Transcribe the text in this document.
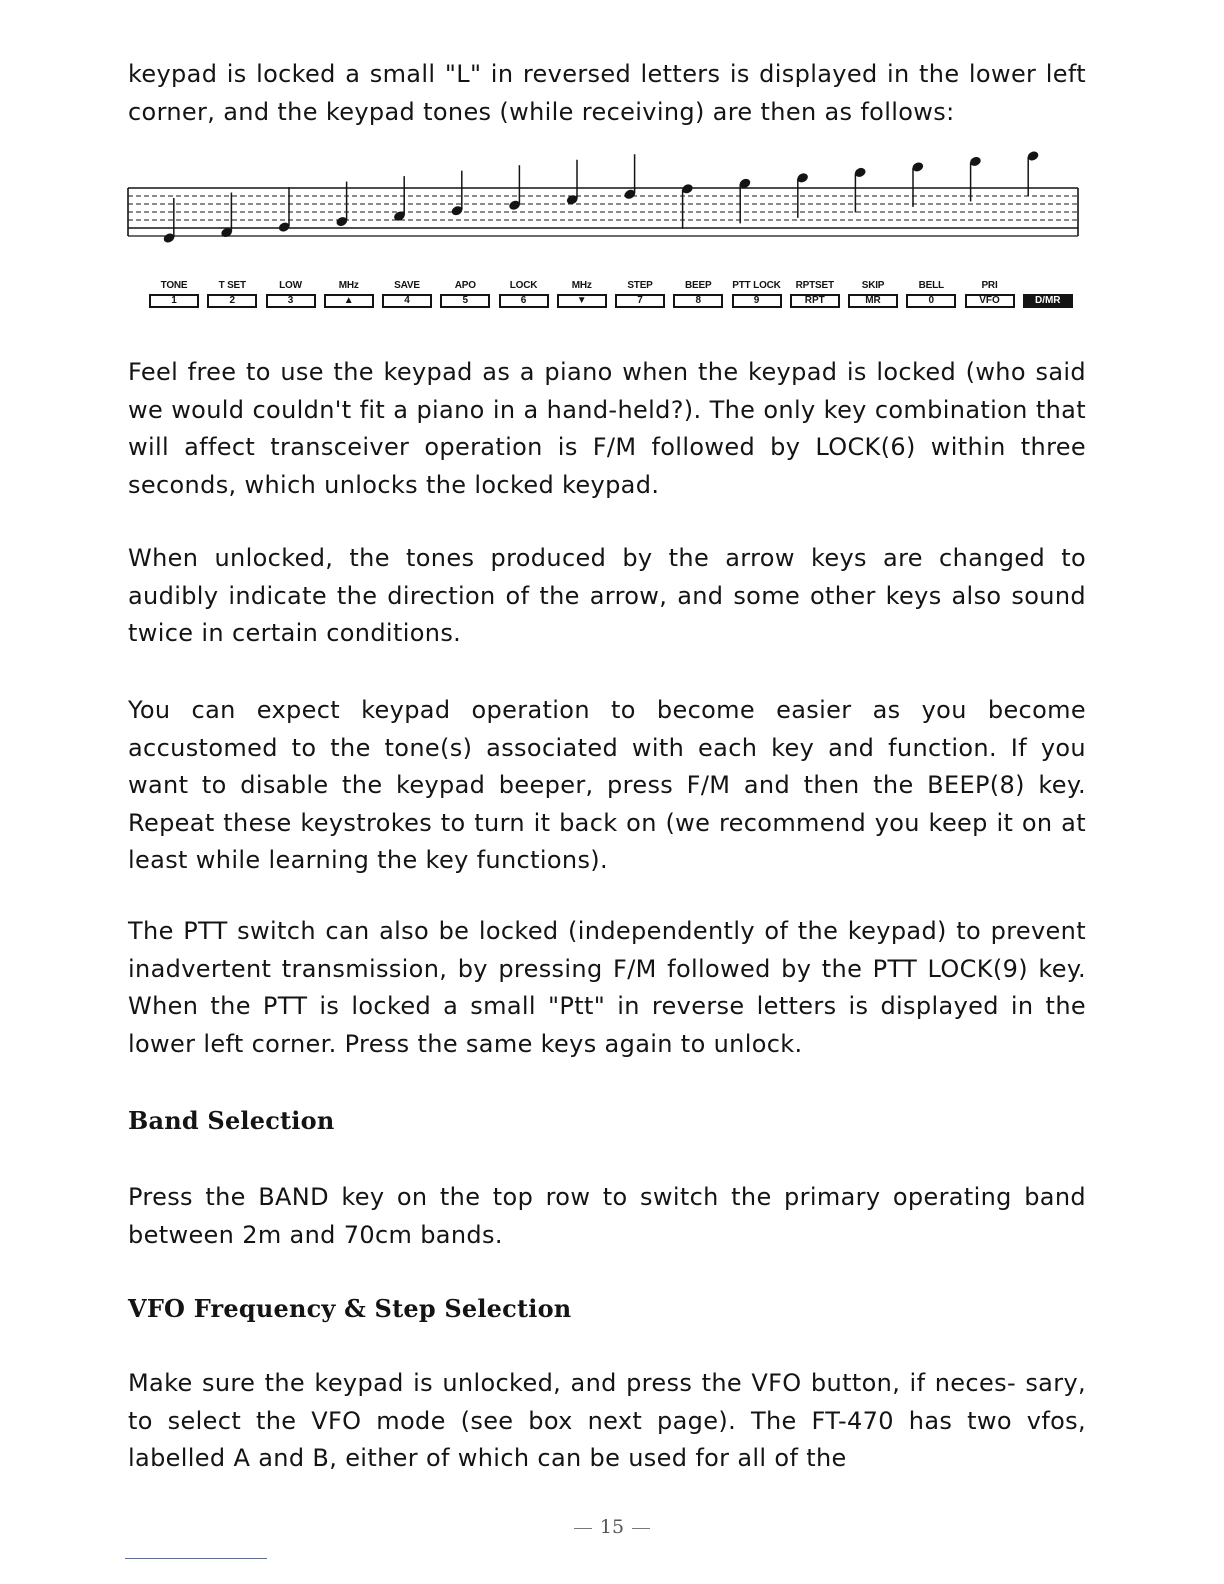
keypad is locked a small "L" in reversed letters is displayed in the lower left corner, and the keypad tones (while receiving) are then as follows:

TONE
1
T SET
2
LOW
3
MHz
▲
SAVE
4
APO
5
LOCK
6
MHz
▼
STEP
7
BEEP
8
PTT LOCK
9
RPTSET
RPT
SKIP
MR
BELL
0
PRI
VFO	D/MR

Feel free to use the keypad as a piano when the keypad is locked (who said we would couldn't fit a piano in a hand-held?). The only key combination that will affect transceiver operation is F/M followed by LOCK(6) within three seconds, which unlocks the locked keypad.

When unlocked, the tones produced by the arrow keys are changed to audibly indicate the direction of the arrow, and some other keys also sound twice in certain conditions.

You can expect keypad operation to become easier as you become accustomed to the tone(s) associated with each key and function. If you want to disable the keypad beeper, press F/M and then the BEEP(8) key. Repeat these keystrokes to turn it back on (we recommend you keep it on at least while learning the key functions).

The PTT switch can also be locked (independently of the keypad) to prevent inadvertent transmission, by pressing F/M followed by the PTT LOCK(9) key. When the PTT is locked a small "Ptt" in reverse letters is displayed in the lower left corner. Press the same keys again to unlock.

Band Selection

Press the BAND key on the top row to switch the primary operating band between 2m and 70cm bands.

VFO Frequency & Step Selection

Make sure the keypad is unlocked, and press the VFO button, if neces- sary, to select the VFO mode (see box next page). The FT-470 has two vfos, labelled A and B, either of which can be used for all of the

15
